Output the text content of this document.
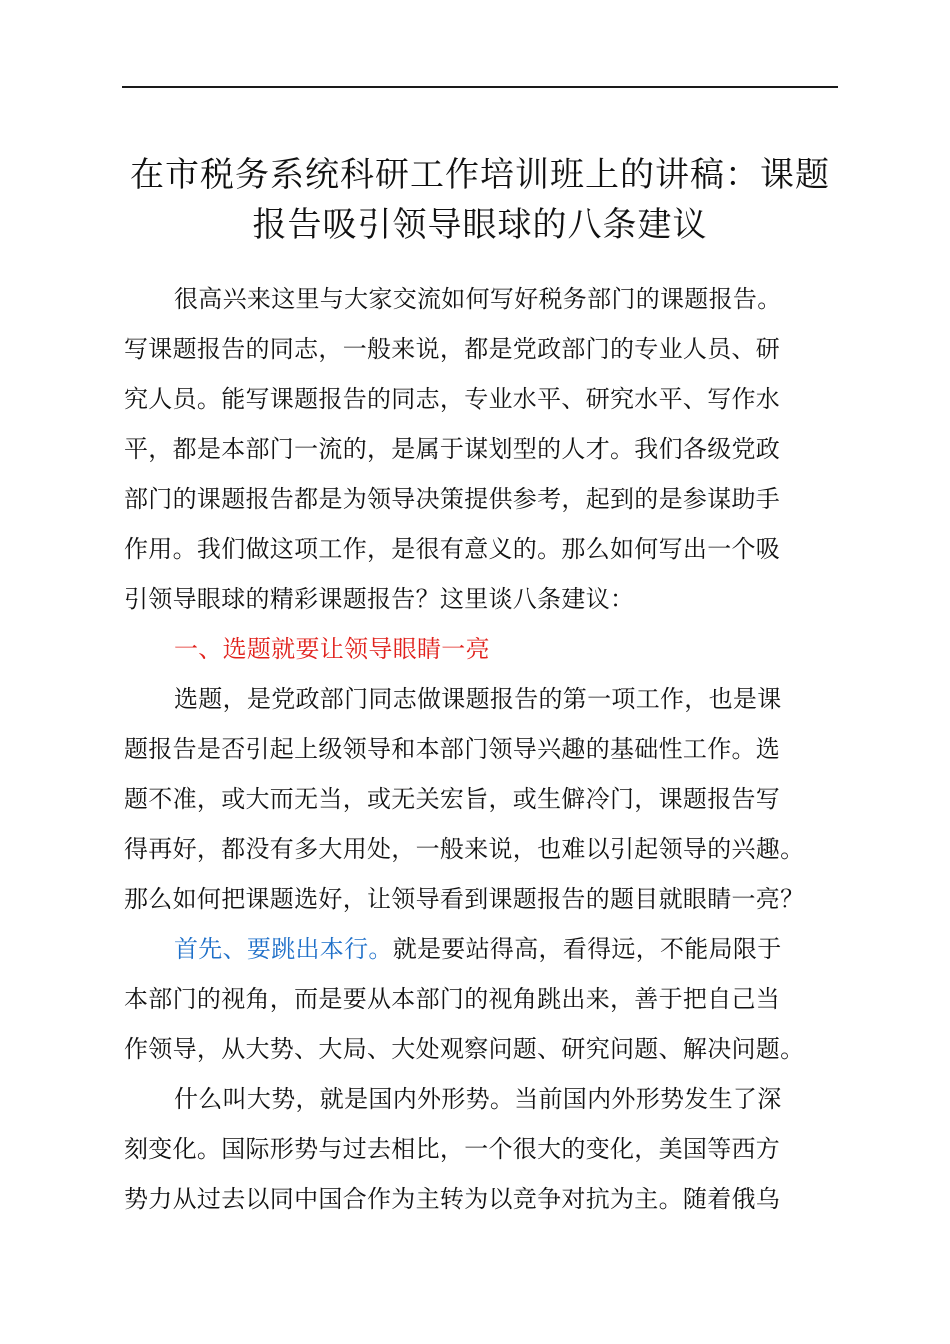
在市税务系统科研工作培训班上的讲稿：课题
报告吸引领导眼球的八条建议
很高兴来这里与大家交流如何写好税务部门的课题报告。
写课题报告的同志，一般来说，都是党政部门的专业人员、研
究人员。能写课题报告的同志，专业水平、研究水平、写作水
平，都是本部门一流的，是属于谋划型的人才。我们各级党政
部门的课题报告都是为领导决策提供参考，起到的是参谋助手
作用。我们做这项工作，是很有意义的。那么如何写出一个吸
引领导眼球的精彩课题报告？这里谈八条建议：
一、选题就要让领导眼睛一亮
选题，是党政部门同志做课题报告的第一项工作，也是课
题报告是否引起上级领导和本部门领导兴趣的基础性工作。选
题不准，或大而无当，或无关宏旨，或生僻冷门，课题报告写
得再好，都没有多大用处，一般来说，也难以引起领导的兴趣。
那么如何把课题选好，让领导看到课题报告的题目就眼睛一亮？
首先、要跳出本行。就是要站得高，看得远，不能局限于
本部门的视角，而是要从本部门的视角跳出来，善于把自己当
作领导，从大势、大局、大处观察问题、研究问题、解决问题。
什么叫大势，就是国内外形势。当前国内外形势发生了深
刻变化。国际形势与过去相比，一个很大的变化，美国等西方
势力从过去以同中国合作为主转为以竞争对抗为主。随着俄乌
